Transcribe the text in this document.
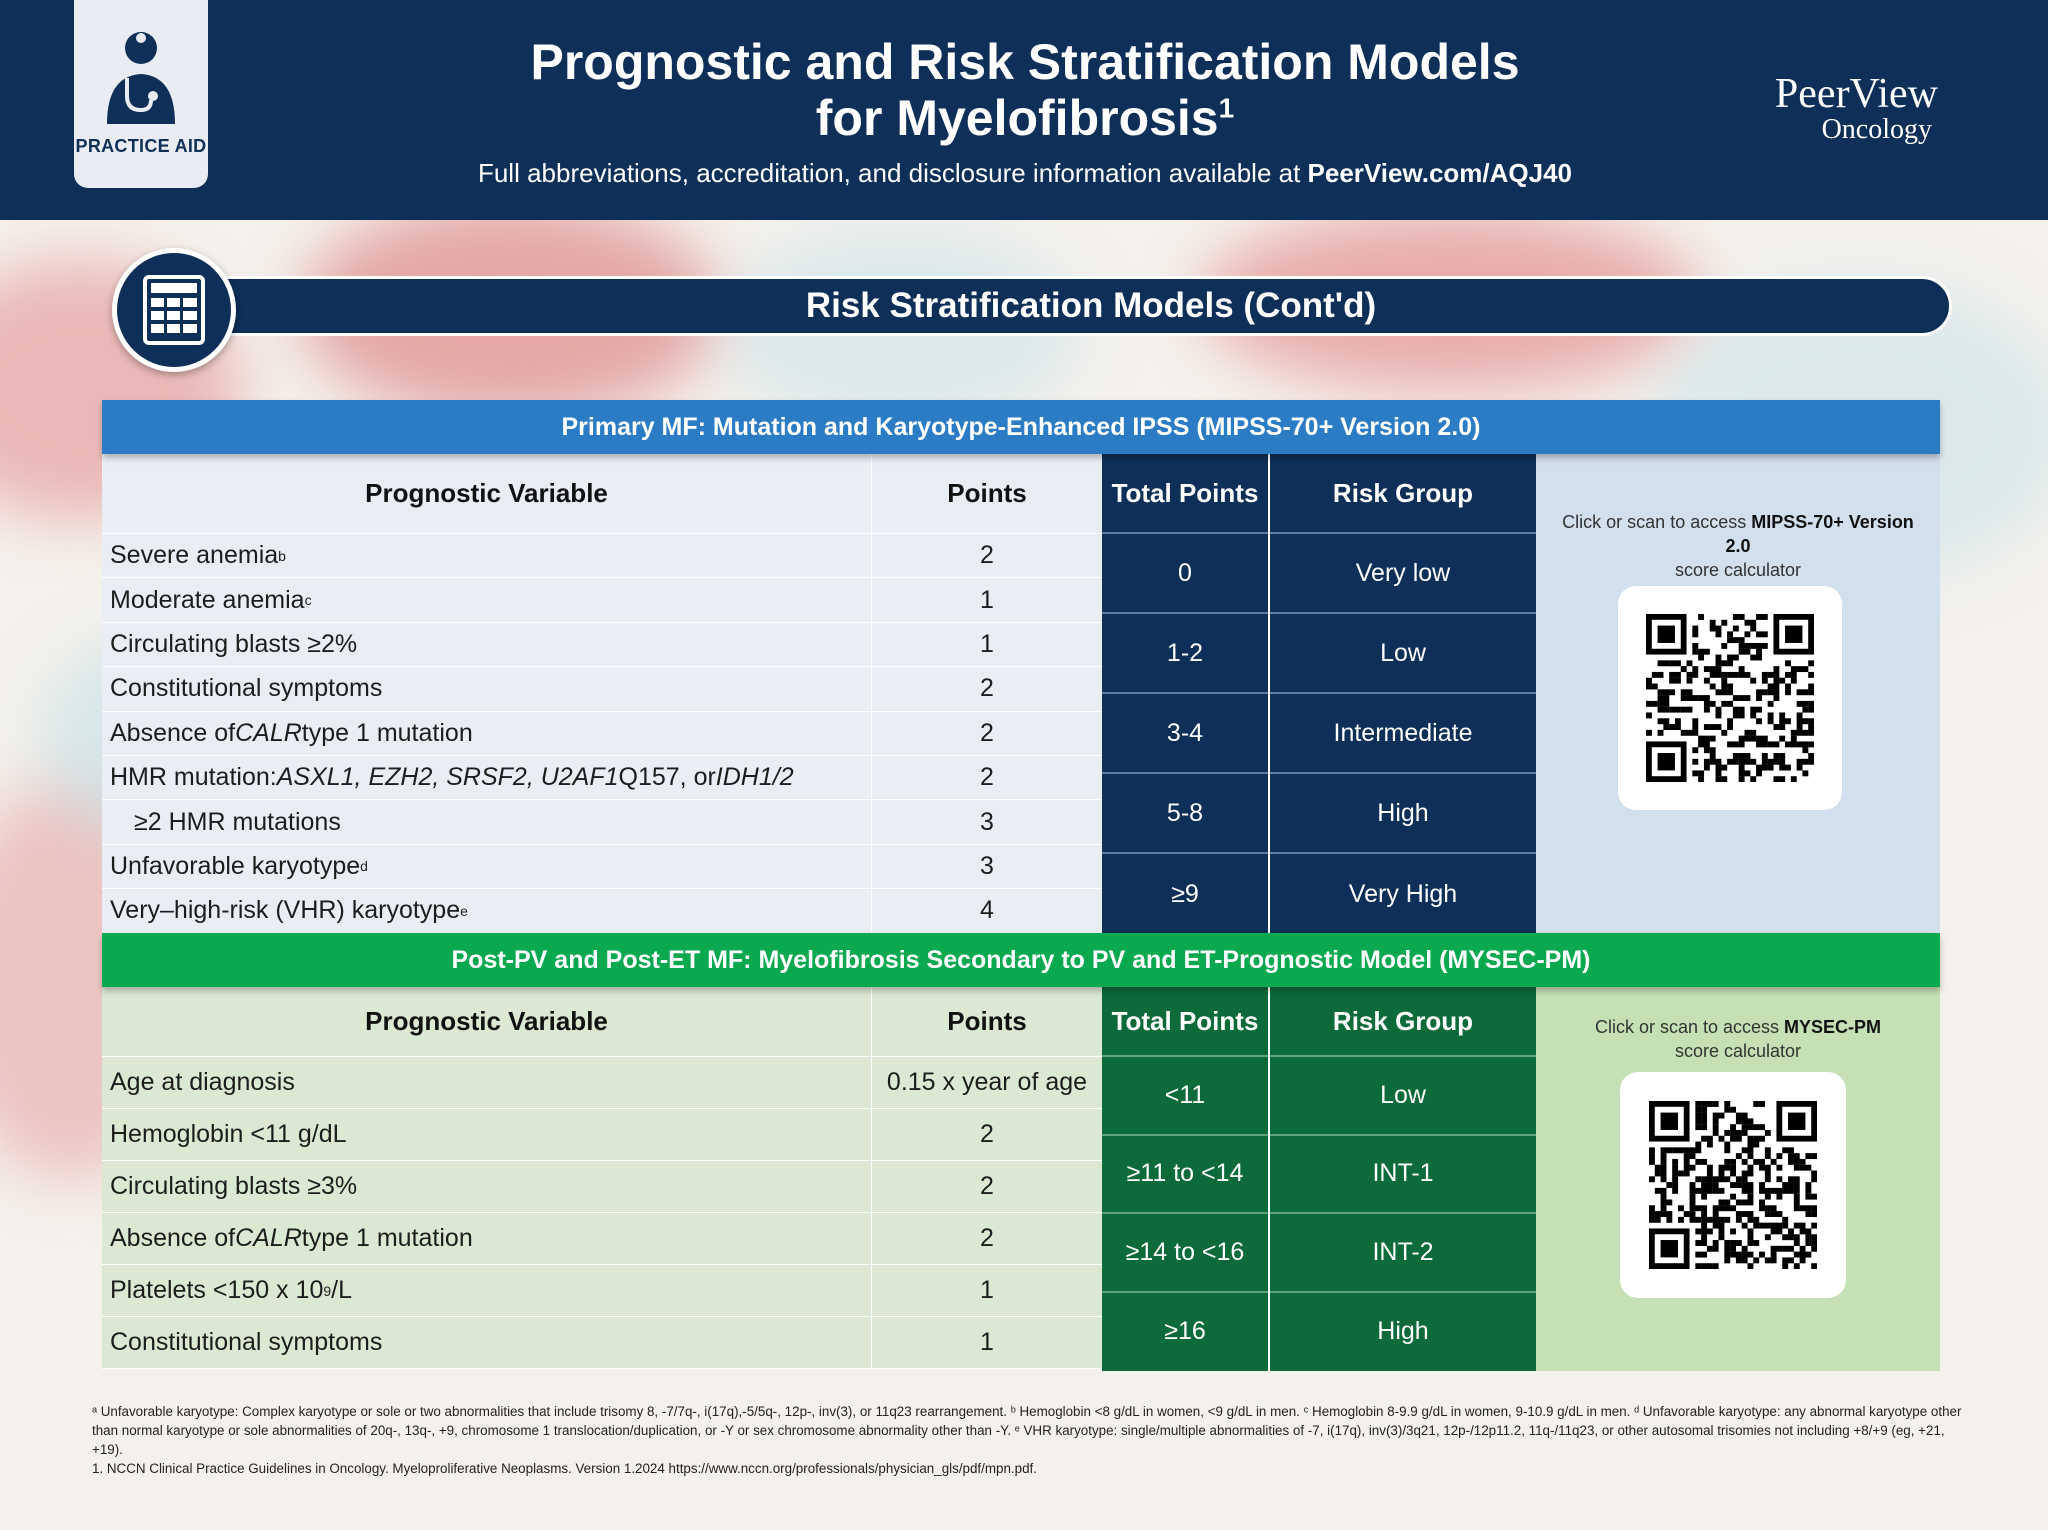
PRACTICE AID
Prognostic and Risk Stratification Models
for Myelofibrosis$^1$
Full abbreviations, accreditation, and disclosure information available at PeerView.com/AQJ40
PeerView
Oncology
Risk Stratification Models (Cont'd)
Primary MF: Mutation and Karyotype-Enhanced IPSS (MIPSS-70+ Version 2.0)
Prognostic Variable
Severe anemia b
Moderate anemia c
Circulating blasts ≥2%
Constitutional symptoms
Absence of CALR type 1 mutation
HMR mutation: ASXL1, EZH2, SRSF2, U2AF1 Q157, or IDH1/2
≥2 HMR mutations
Unfavorable karyotype d
Very–high-risk (VHR) karyotype e
Points
2
1
1
2
2
2
3
3
4
Total Points
0
1-2
3-4
5-8
≥9
Risk Group
Very low
Low
Intermediate
High
Very High
Click or scan to access MIPSS-70+ Version 2.0
score calculator
Post-PV and Post-ET MF: Myelofibrosis Secondary to PV and ET-Prognostic Model (MYSEC-PM)
Prognostic Variable
Age at diagnosis
Hemoglobin <11 g/dL
Circulating blasts ≥3%
Absence of CALR type 1 mutation
Platelets <150 x 10 9 /L
Constitutional symptoms
Points
0.15 x year of age
2
2
2
1
1
Total Points
<11
≥11 to <14
≥14 to <16
≥16
Risk Group
Low
INT-1
INT-2
High
Click or scan to access MYSEC-PM
score calculator
ᵃ Unfavorable karyotype: Complex karyotype or sole or two abnormalities that include trisomy 8, -7/7q-, i(17q),-5/5q-, 12p-, inv(3), or 11q23 rearrangement. ᵇ Hemoglobin <8 g/dL in women, <9 g/dL in men. ᶜ Hemoglobin 8-9.9 g/dL in women, 9-10.9 g/dL in men. ᵈ Unfavorable karyotype: any abnormal karyotype other than normal karyotype or sole abnormalities of 20q-, 13q-, +9, chromosome 1 translocation/duplication, or -Y or sex chromosome abnormality other than -Y. ᵉ VHR karyotype: single/multiple abnormalities of -7, i(17q), inv(3)/3q21, 12p-/12p11.2, 11q-/11q23, or other autosomal trisomies not including +8/+9 (eg, +21, +19).
1. NCCN Clinical Practice Guidelines in Oncology. Myeloproliferative Neoplasms. Version 1.2024 https://www.nccn.org/professionals/physician_gls/pdf/mpn.pdf.
